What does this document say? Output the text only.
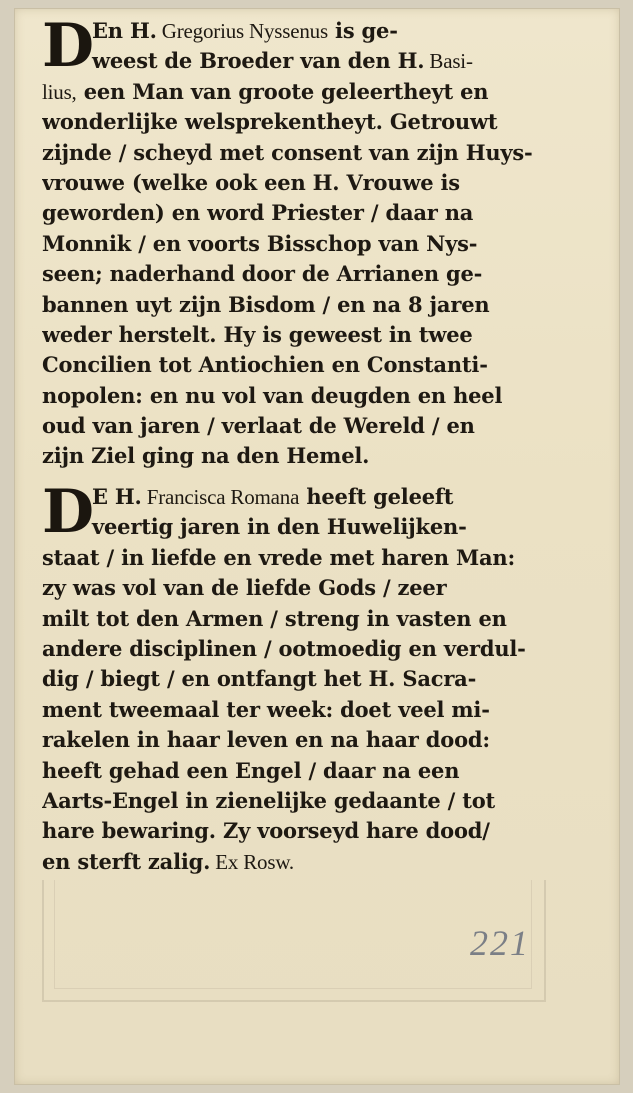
D
En H. Gregorius Nyssenus is ge-
weest de Broeder van den H. Basi-
lius, een Man van groote geleertheyt en
wonderlijke welsprekentheyt. Getrouwt
zijnde / scheyd met consent van zijn Huys-
vrouwe (welke ook een H. Vrouwe is
geworden) en word Priester / daar na
Monnik / en voorts Bisschop van Nys-
seen; naderhand door de Arrianen ge-
bannen uyt zijn Bisdom / en na 8 jaren
weder herstelt. Hy is geweest in twee
Concilien tot Antiochien en Constanti-
nopolen: en nu vol van deugden en heel
oud van jaren / verlaat de Wereld / en
zijn Ziel ging na den Hemel.
D
E H. Francisca Romana heeft geleeft
veertig jaren in den Huwelijken-
staat / in liefde en vrede met haren Man:
zy was vol van de liefde Gods / zeer
milt tot den Armen / streng in vasten en
andere disciplinen / ootmoedig en verdul-
dig / biegt / en ontfangt het H. Sacra-
ment tweemaal ter week: doet veel mi-
rakelen in haar leven en na haar dood:
heeft gehad een Engel / daar na een
Aarts-Engel in zienelijke gedaante / tot
hare bewaring. Zy voorseyd hare dood/
en sterft zalig. Ex Rosw.
221
